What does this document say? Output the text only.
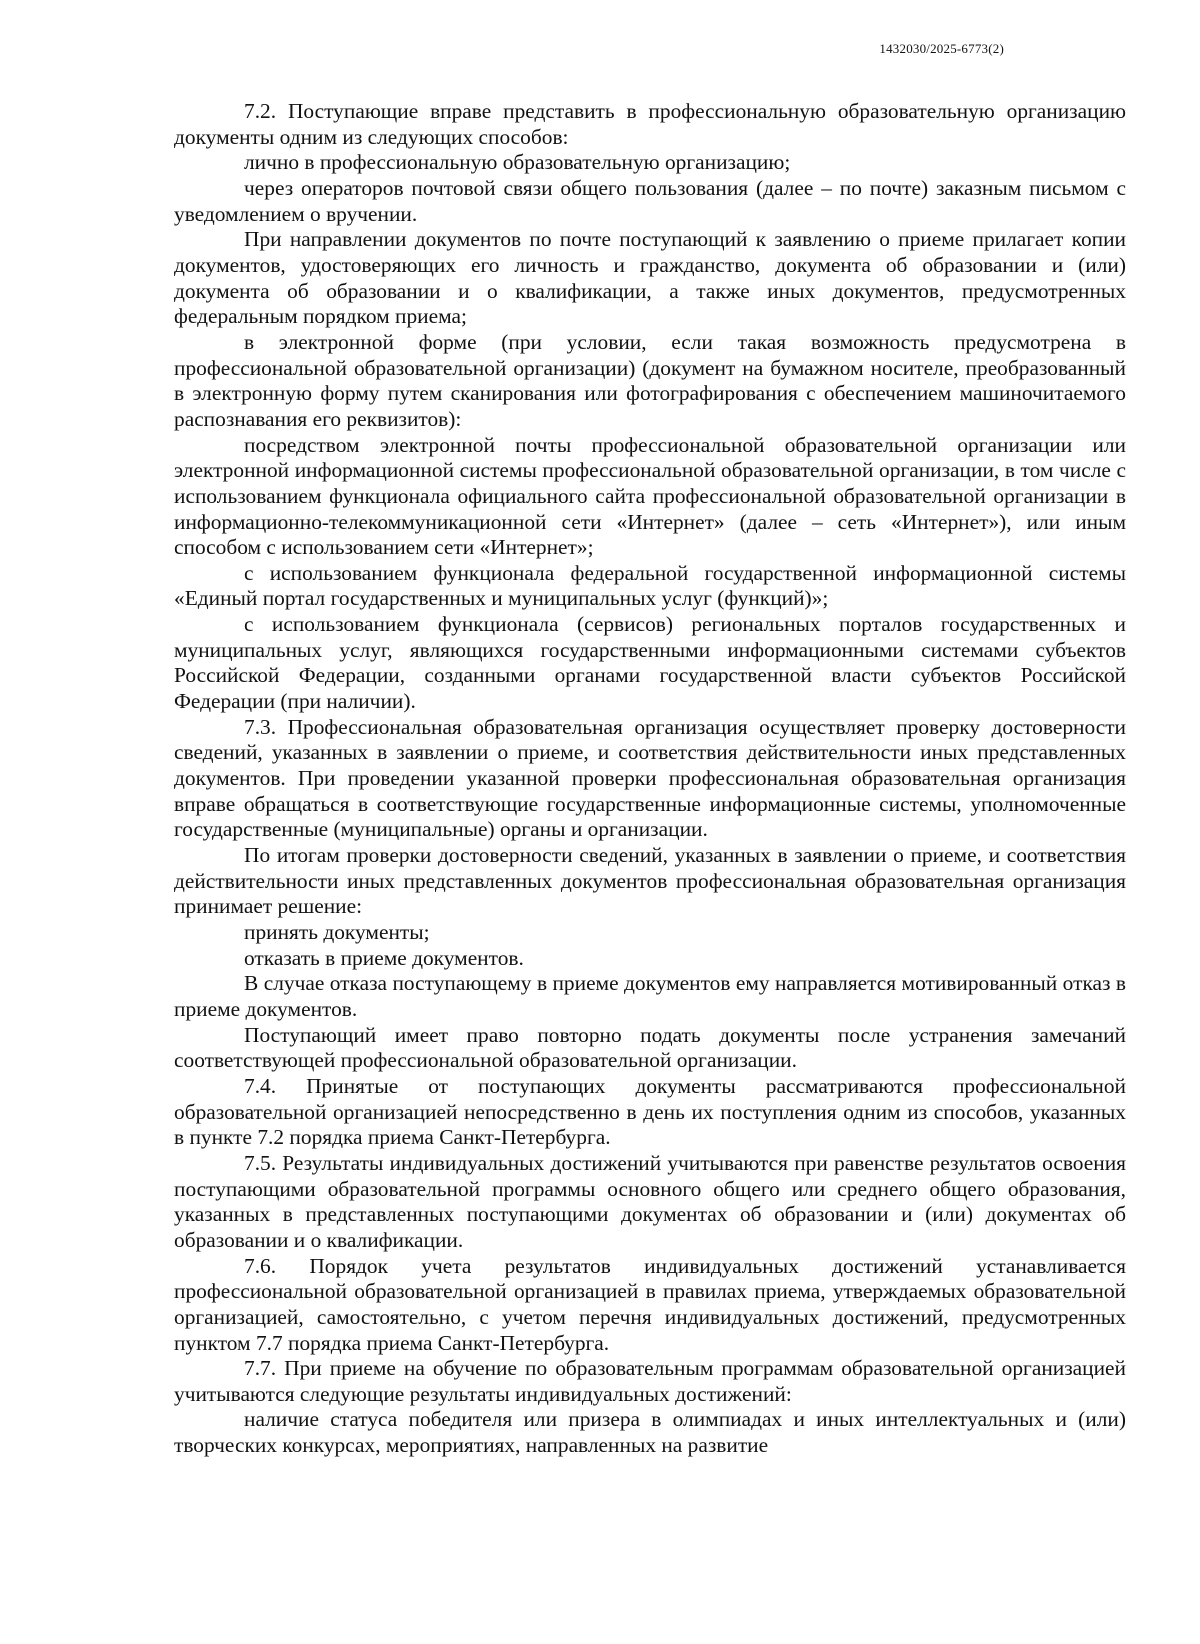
1432030/2025-6773(2)

7.2. Поступающие вправе представить в профессиональную образовательную организацию документы одним из следующих способов:

лично в профессиональную образовательную организацию;

через операторов почтовой связи общего пользования (далее – по почте) заказным письмом с уведомлением о вручении.

При направлении документов по почте поступающий к заявлению о приеме прилагает копии документов, удостоверяющих его личность и гражданство, документа об образовании и (или) документа об образовании и о квалификации, а также иных документов, предусмотренных федеральным порядком приема;

в электронной форме (при условии, если такая возможность предусмотрена в профессиональной образовательной организации) (документ на бумажном носителе, преобразованный в электронную форму путем сканирования или фотографирования с обеспечением машиночитаемого распознавания его реквизитов):

посредством электронной почты профессиональной образовательной организации или электронной информационной системы профессиональной образовательной организации, в том числе с использованием функционала официального сайта профессиональной образовательной организации в информационно-телекоммуникационной сети «Интернет» (далее – сеть «Интернет»), или иным способом с использованием сети «Интернет»;

с использованием функционала федеральной государственной информационной системы «Единый портал государственных и муниципальных услуг (функций)»;

с использованием функционала (сервисов) региональных порталов государственных и муниципальных услуг, являющихся государственными информационными системами субъектов Российской Федерации, созданными органами государственной власти субъектов Российской Федерации (при наличии).

7.3. Профессиональная образовательная организация осуществляет проверку достоверности сведений, указанных в заявлении о приеме, и соответствия действительности иных представленных документов. При проведении указанной проверки профессиональная образовательная организация вправе обращаться в соответствующие государственные информационные системы, уполномоченные государственные (муниципальные) органы и организации.

По итогам проверки достоверности сведений, указанных в заявлении о приеме, и соответствия действительности иных представленных документов профессиональная образовательная организация принимает решение:

принять документы;

отказать в приеме документов.

В случае отказа поступающему в приеме документов ему направляется мотивированный отказ в приеме документов.

Поступающий имеет право повторно подать документы после устранения замечаний соответствующей профессиональной образовательной организации.

7.4. Принятые от поступающих документы рассматриваются профессиональной образовательной организацией непосредственно в день их поступления одним из способов, указанных в пункте 7.2 порядка приема Санкт-Петербурга.

7.5. Результаты индивидуальных достижений учитываются при равенстве результатов освоения поступающими образовательной программы основного общего или среднего общего образования, указанных в представленных поступающими документах об образовании и (или) документах об образовании и о квалификации.

7.6. Порядок учета результатов индивидуальных достижений устанавливается профессиональной образовательной организацией в правилах приема, утверждаемых образовательной организацией, самостоятельно, с учетом перечня индивидуальных достижений, предусмотренных пунктом 7.7 порядка приема Санкт-Петербурга.

7.7. При приеме на обучение по образовательным программам образовательной организацией учитываются следующие результаты индивидуальных достижений:

наличие статуса победителя или призера в олимпиадах и иных интеллектуальных и (или) творческих конкурсах, мероприятиях, направленных на развитие
